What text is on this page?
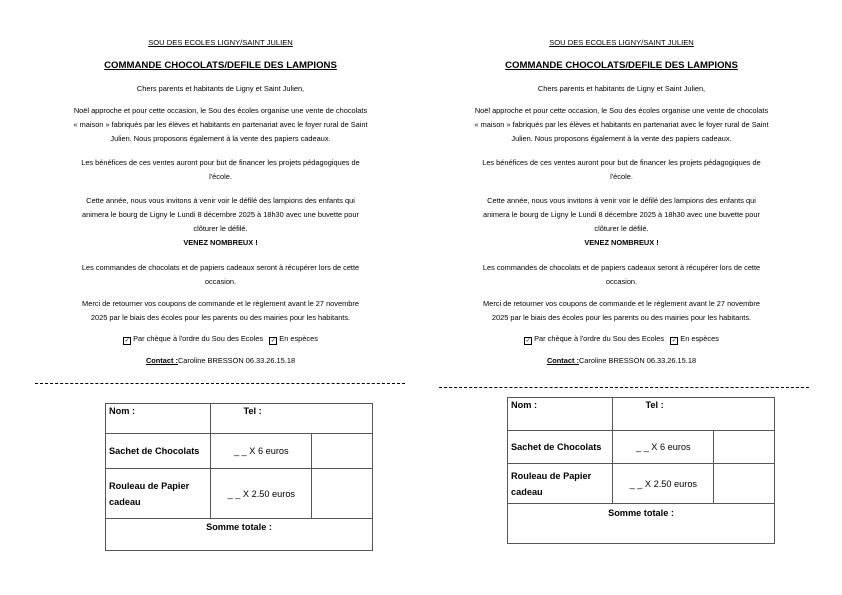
SOU DES ECOLES LIGNY/SAINT JULIEN
COMMANDE CHOCOLATS/DEFILE DES LAMPIONS
Chers parents et habitants de Ligny et Saint Julien,
Noël approche et pour cette occasion, le Sou des écoles organise une vente de chocolats
« maison » fabriqués par les élèves et habitants en partenariat avec le foyer rural de Saint
Julien. Nous proposons également à la vente des papiers cadeaux.
Les bénéfices de ces ventes auront pour but de financer les projets pédagogiques de
l'école.
Cette année, nous vous invitons à venir voir le défilé des lampions des enfants qui
animera le bourg de Ligny le Lundi 8 décembre 2025 à 18h30 avec une buvette pour
clôturer le défilé.
VENEZ NOMBREUX !
Les commandes de chocolats et de papiers cadeaux seront à récupérer lors de cette
occasion.
Merci de retourner vos coupons de commande et le règlement avant le 27 novembre
2025 par le biais des écoles pour les parents ou des mairies pour les habitants.
✓ Par chèque à l'ordre du Sou des Ecoles ✓ En espèces
Contact :Caroline BRESSON 06.33.26.15.18
Nom :	Tel :	
Sachet de Chocolats	_ _ X 6 euros	
Rouleau de Papier cadeau	_ _ X 2.50 euros	
Somme totale :		
SOU DES ECOLES LIGNY/SAINT JULIEN
COMMANDE CHOCOLATS/DEFILE DES LAMPIONS
Chers parents et habitants de Ligny et Saint Julien,
Noël approche et pour cette occasion, le Sou des écoles organise une vente de chocolats
« maison » fabriqués par les élèves et habitants en partenariat avec le foyer rural de Saint
Julien. Nous proposons également à la vente des papiers cadeaux.
Les bénéfices de ces ventes auront pour but de financer les projets pédagogiques de
l'école.
Cette année, nous vous invitons à venir voir le défilé des lampions des enfants qui
animera le bourg de Ligny le Lundi 8 décembre 2025 à 18h30 avec une buvette pour
clôturer le défilé.
VENEZ NOMBREUX !
Les commandes de chocolats et de papiers cadeaux seront à récupérer lors de cette
occasion.
Merci de retourner vos coupons de commande et le règlement avant le 27 novembre
2025 par le biais des écoles pour les parents ou des mairies pour les habitants.
✓ Par chèque à l'ordre du Sou des Ecoles ✓ En espèces
Contact :Caroline BRESSON 06.33.26.15.18
Nom :	Tel :	
Sachet de Chocolats	_ _ X 6 euros	
Rouleau de Papier cadeau	_ _ X 2.50 euros	
Somme totale :		
